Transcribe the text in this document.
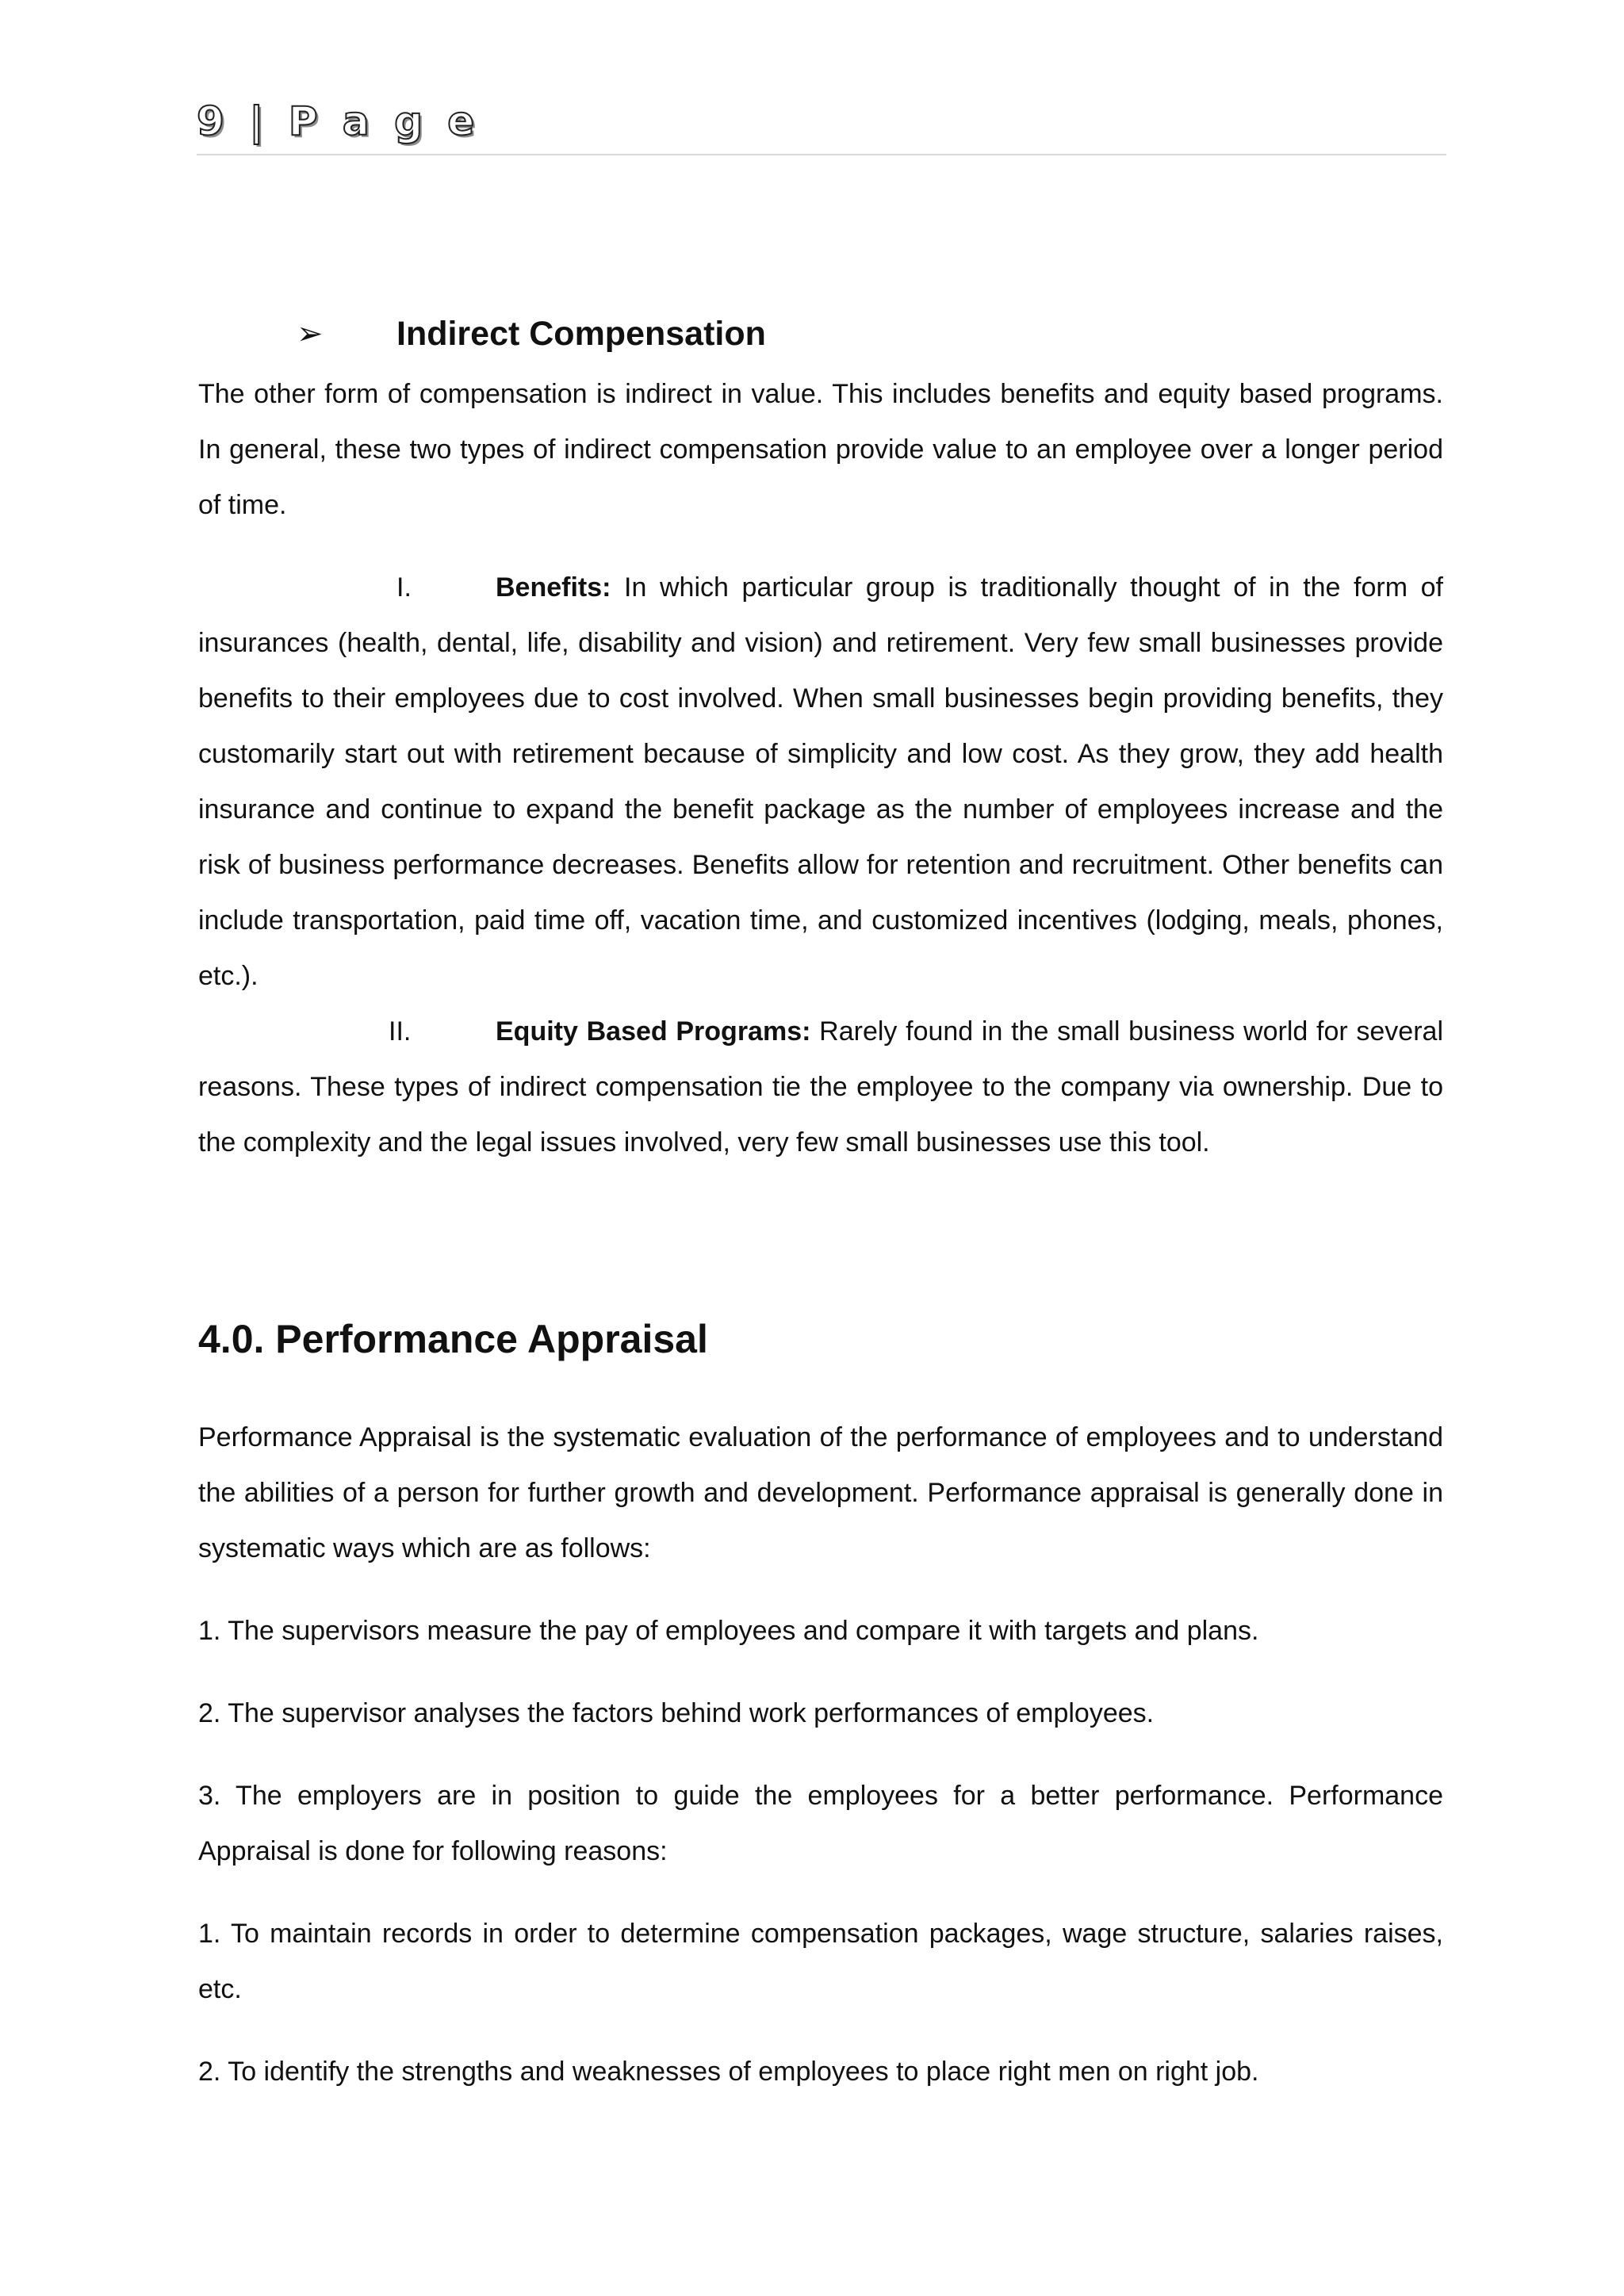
9 | P a g e
➢ Indirect Compensation

The other form of compensation is indirect in value. This includes benefits and equity based programs. In general, these two types of indirect compensation provide value to an employee over a longer period of time.

I.	Benefits: In which particular group is traditionally thought of in the form of insurances (health, dental, life, disability and vision) and retirement. Very few small businesses provide benefits to their employees due to cost involved. When small businesses begin providing benefits, they customarily start out with retirement because of simplicity and low cost. As they grow, they add health insurance and continue to expand the benefit package as the number of employees increase and the risk of business performance decreases. Benefits allow for retention and recruitment. Other benefits can include transportation, paid time off, vacation time, and customized incentives (lodging, meals, phones, etc.).

II.	Equity Based Programs: Rarely found in the small business world for several reasons. These types of indirect compensation tie the employee to the company via ownership. Due to the complexity and the legal issues involved, very few small businesses use this tool.

4.0. Performance Appraisal

Performance Appraisal is the systematic evaluation of the performance of employees and to understand the abilities of a person for further growth and development. Performance appraisal is generally done in systematic ways which are as follows:

1. The supervisors measure the pay of employees and compare it with targets and plans.

2. The supervisor analyses the factors behind work performances of employees.

3. The employers are in position to guide the employees for a better performance. Performance Appraisal is done for following reasons:

1. To maintain records in order to determine compensation packages, wage structure, salaries raises, etc.

2. To identify the strengths and weaknesses of employees to place right men on right job.
